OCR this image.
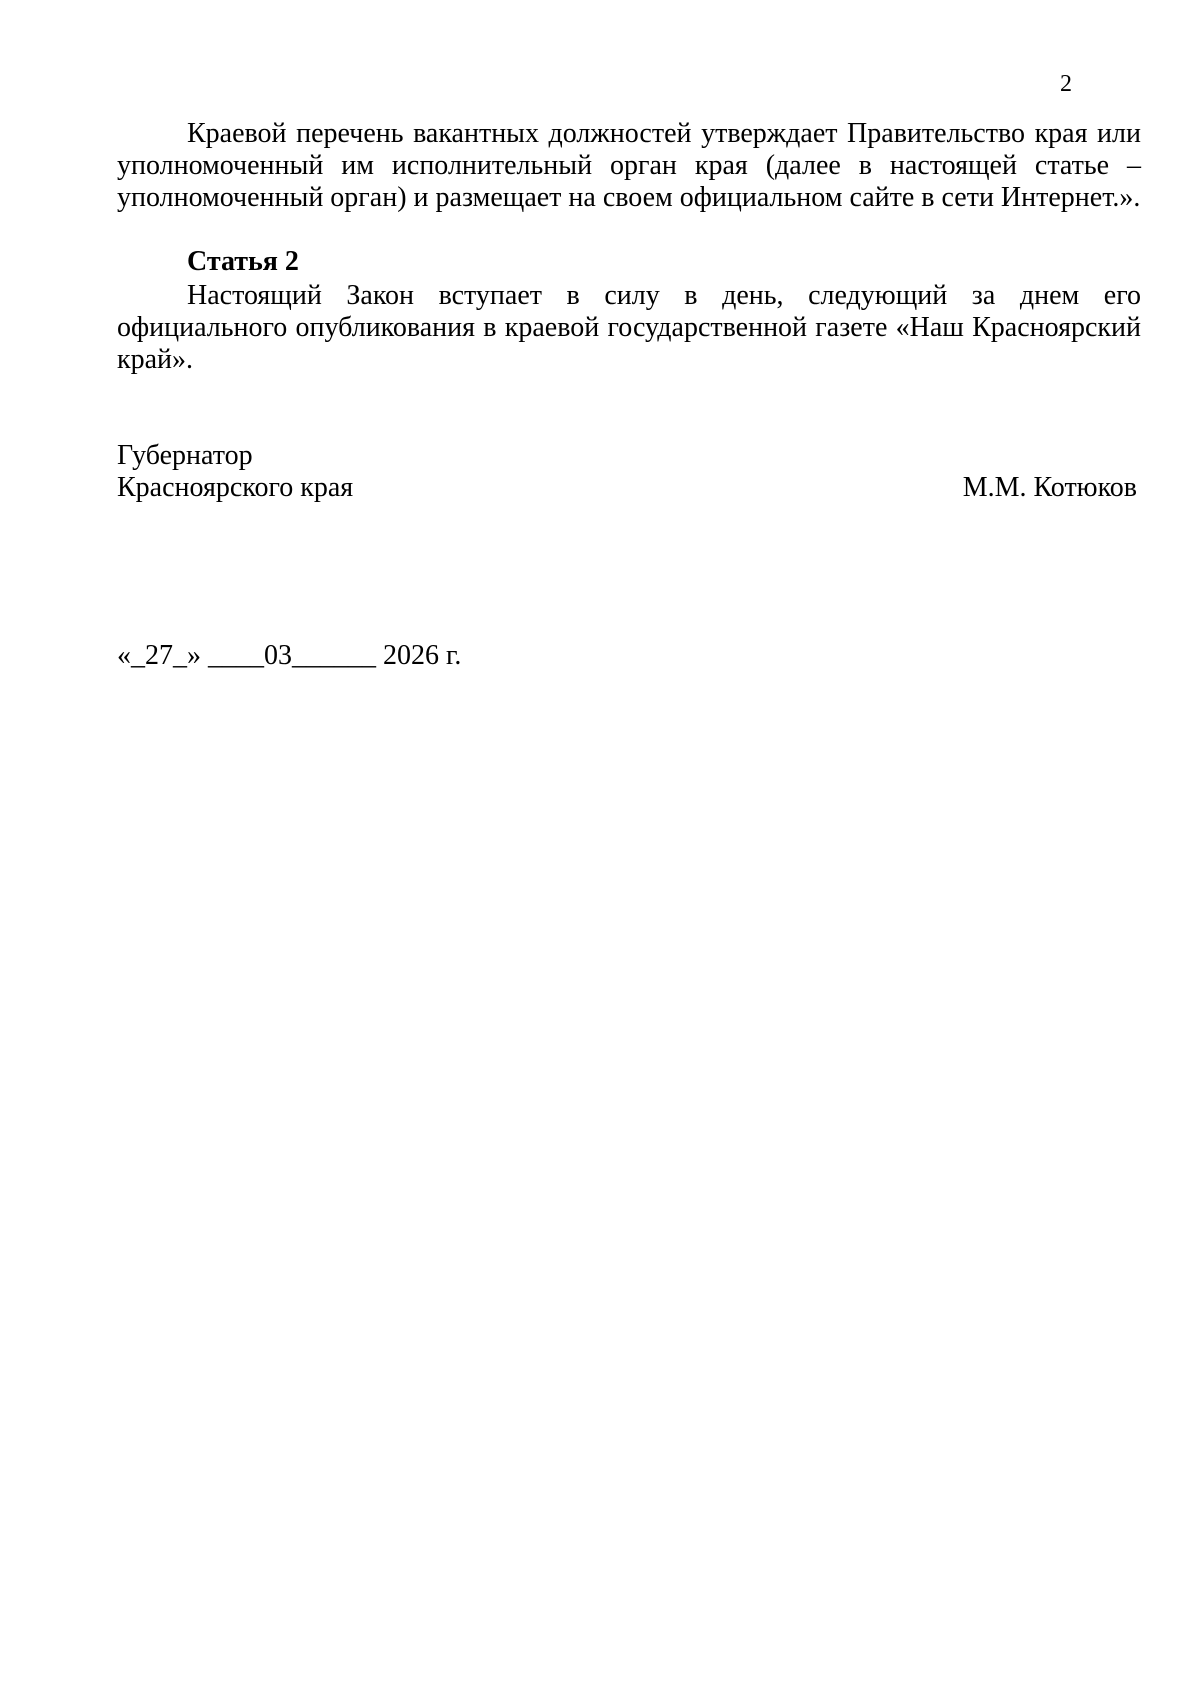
2

Краевой перечень вакантных должностей утверждает Правительство края или уполномоченный им исполнительный орган края (далее в настоящей статье – уполномоченный орган) и размещает на своем официальном сайте в сети Интернет.».

Статья 2

Настоящий Закон вступает в силу в день, следующий за днем его официального опубликования в краевой государственной газете «Наш Красноярский край».

Губернатор
Красноярского края	М.М. Котюков
«_27_» ____03______ 2026 г.
